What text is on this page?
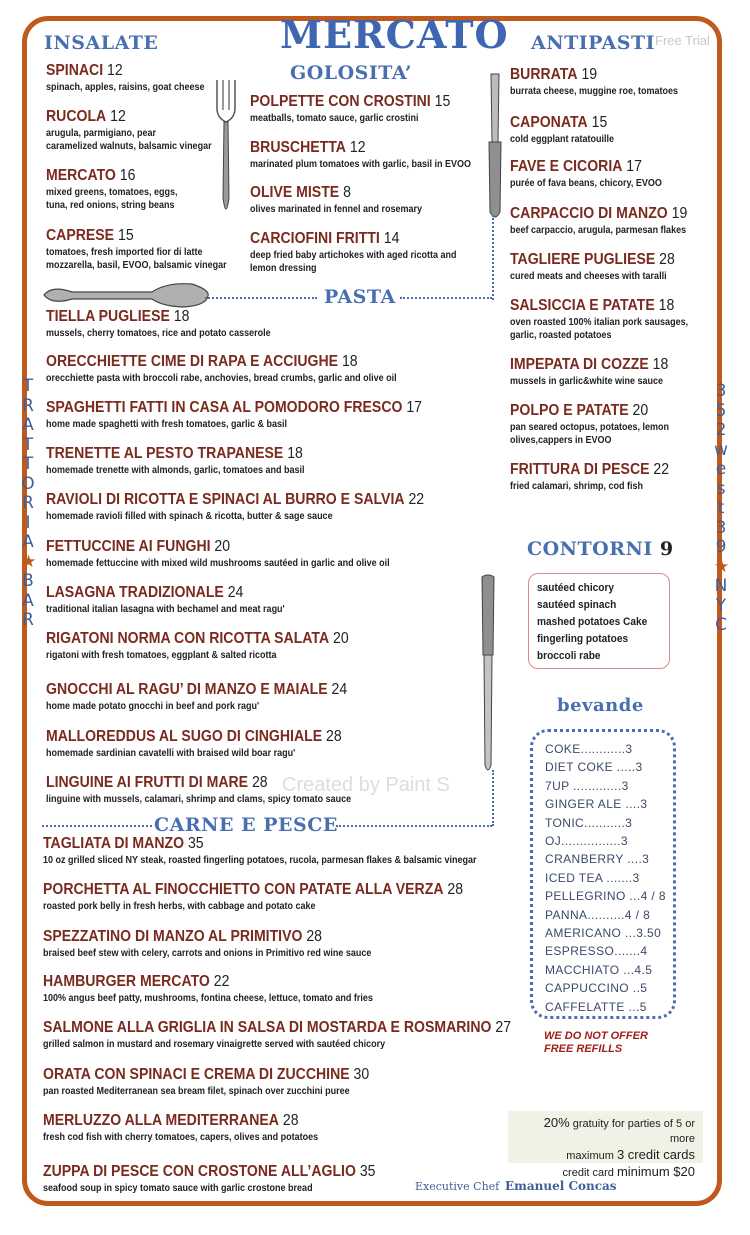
INSALATE	MERCATO ANTIPASTI Free Trial
GOLOSITA’
Created by Paint S
T
R
A
T
T
O
R
I
A
★
B
A
R
3
5
2
w
e
s
t
3
9
★
N
Y
C
PASTA
CARNE E PESCE
SPINACI 12
spinach, apples, raisins, goat cheese
RUCOLA 12
arugula, parmigiano, pear
caramelized walnuts, balsamic vinegar
MERCATO 16
mixed greens, tomatoes, eggs,
tuna, red onions, string beans
CAPRESE 15
tomatoes, fresh imported fior di latte
mozzarella, basil, EVOO, balsamic vinegar
POLPETTE CON CROSTINI 15
meatballs, tomato sauce, garlic crostini
BRUSCHETTA 12
marinated plum tomatoes with garlic, basil in EVOO
OLIVE MISTE 8
olives marinated in fennel and rosemary
CARCIOFINI FRITTI 14
deep fried baby artichokes with aged ricotta and
lemon dressing
BURRATA 19
burrata cheese, muggine roe, tomatoes
CAPONATA 15
cold eggplant ratatouille
FAVE E CICORIA 17
purée of fava beans, chicory, EVOO
CARPACCIO DI MANZO 19
beef carpaccio, arugula, parmesan flakes
TAGLIERE PUGLIESE 28
cured meats and cheeses with taralli
SALSICCIA E PATATE 18
oven roasted 100% italian pork sausages,
garlic, roasted potatoes
IMPEPATA DI COZZE 18
mussels in garlic&white wine sauce
POLPO E PATATE 20
pan seared octopus, potatoes, lemon
olives,cappers in EVOO
FRITTURA DI PESCE 22
fried calamari, shrimp, cod fish
TIELLA PUGLIESE 18
mussels, cherry tomatoes, rice and potato casserole
ORECCHIETTE CIME DI RAPA E ACCIUGHE 18
orecchiette pasta with broccoli rabe, anchovies, bread crumbs, garlic and olive oil
SPAGHETTI FATTI IN CASA AL POMODORO FRESCO 17
home made spaghetti with fresh tomatoes, garlic & basil
TRENETTE AL PESTO TRAPANESE 18
homemade trenette with almonds, garlic, tomatoes and basil
RAVIOLI DI RICOTTA E SPINACI AL BURRO E SALVIA 22
homemade ravioli filled with spinach & ricotta, butter & sage sauce
FETTUCCINE AI FUNGHI 20
homemade fettuccine with mixed wild mushrooms sautéed in garlic and olive oil
LASAGNA TRADIZIONALE 24
traditional italian lasagna with bechamel and meat ragu'
RIGATONI NORMA CON RICOTTA SALATA 20
rigatoni with fresh tomatoes, eggplant & salted ricotta
GNOCCHI AL RAGU’ DI MANZO E MAIALE 24
home made potato gnocchi in beef and pork ragu'
MALLOREDDUS AL SUGO DI CINGHIALE 28
homemade sardinian cavatelli with braised wild boar ragu'
LINGUINE AI FRUTTI DI MARE 28
linguine with mussels, calamari, shrimp and clams, spicy tomato sauce
TAGLIATA DI MANZO 35
10 oz grilled sliced NY steak, roasted fingerling potatoes, rucola, parmesan flakes & balsamic vinegar
PORCHETTA AL FINOCCHIETTO CON PATATE ALLA VERZA 28
roasted pork belly in fresh herbs, with cabbage and potato cake
SPEZZATINO DI MANZO AL PRIMITIVO 28
braised beef stew with celery, carrots and onions in Primitivo red wine sauce
HAMBURGER MERCATO 22
100% angus beef patty, mushrooms, fontina cheese, lettuce, tomato and fries
SALMONE ALLA GRIGLIA IN SALSA DI MOSTARDA E ROSMARINO 27
grilled salmon in mustard and rosemary vinaigrette served with sautéed chicory
ORATA CON SPINACI E CREMA DI ZUCCHINE 30
pan roasted Mediterranean sea bream filet, spinach over zucchini puree
MERLUZZO ALLA MEDITERRANEA 28
fresh cod fish with cherry tomatoes, capers, olives and potatoes
ZUPPA DI PESCE CON CROSTONE ALL’AGLIO 35
seafood soup in spicy tomato sauce with garlic crostone bread
CONTORNI 9
sautéed chicory
sautéed spinach
mashed potatoes Cake
fingerling potatoes
broccoli rabe
bevande
COKE............3
DIET COKE .....3
7UP .............3
GINGER ALE ....3
TONIC...........3
OJ................3
CRANBERRY ....3
ICED TEA .......3
PELLEGRINO ...4 / 8
PANNA..........4 / 8
AMERICANO ...3.50
ESPRESSO.......4
MACCHIATO ...4.5
CAPPUCCINO ..5
CAFFELATTE ...5
WE DO NOT OFFER
FREE REFILLS
20% gratuity for parties of 5 or more
maximum 3 credit cards
credit card minimum $20
Executive Chef Emanuel Concas
